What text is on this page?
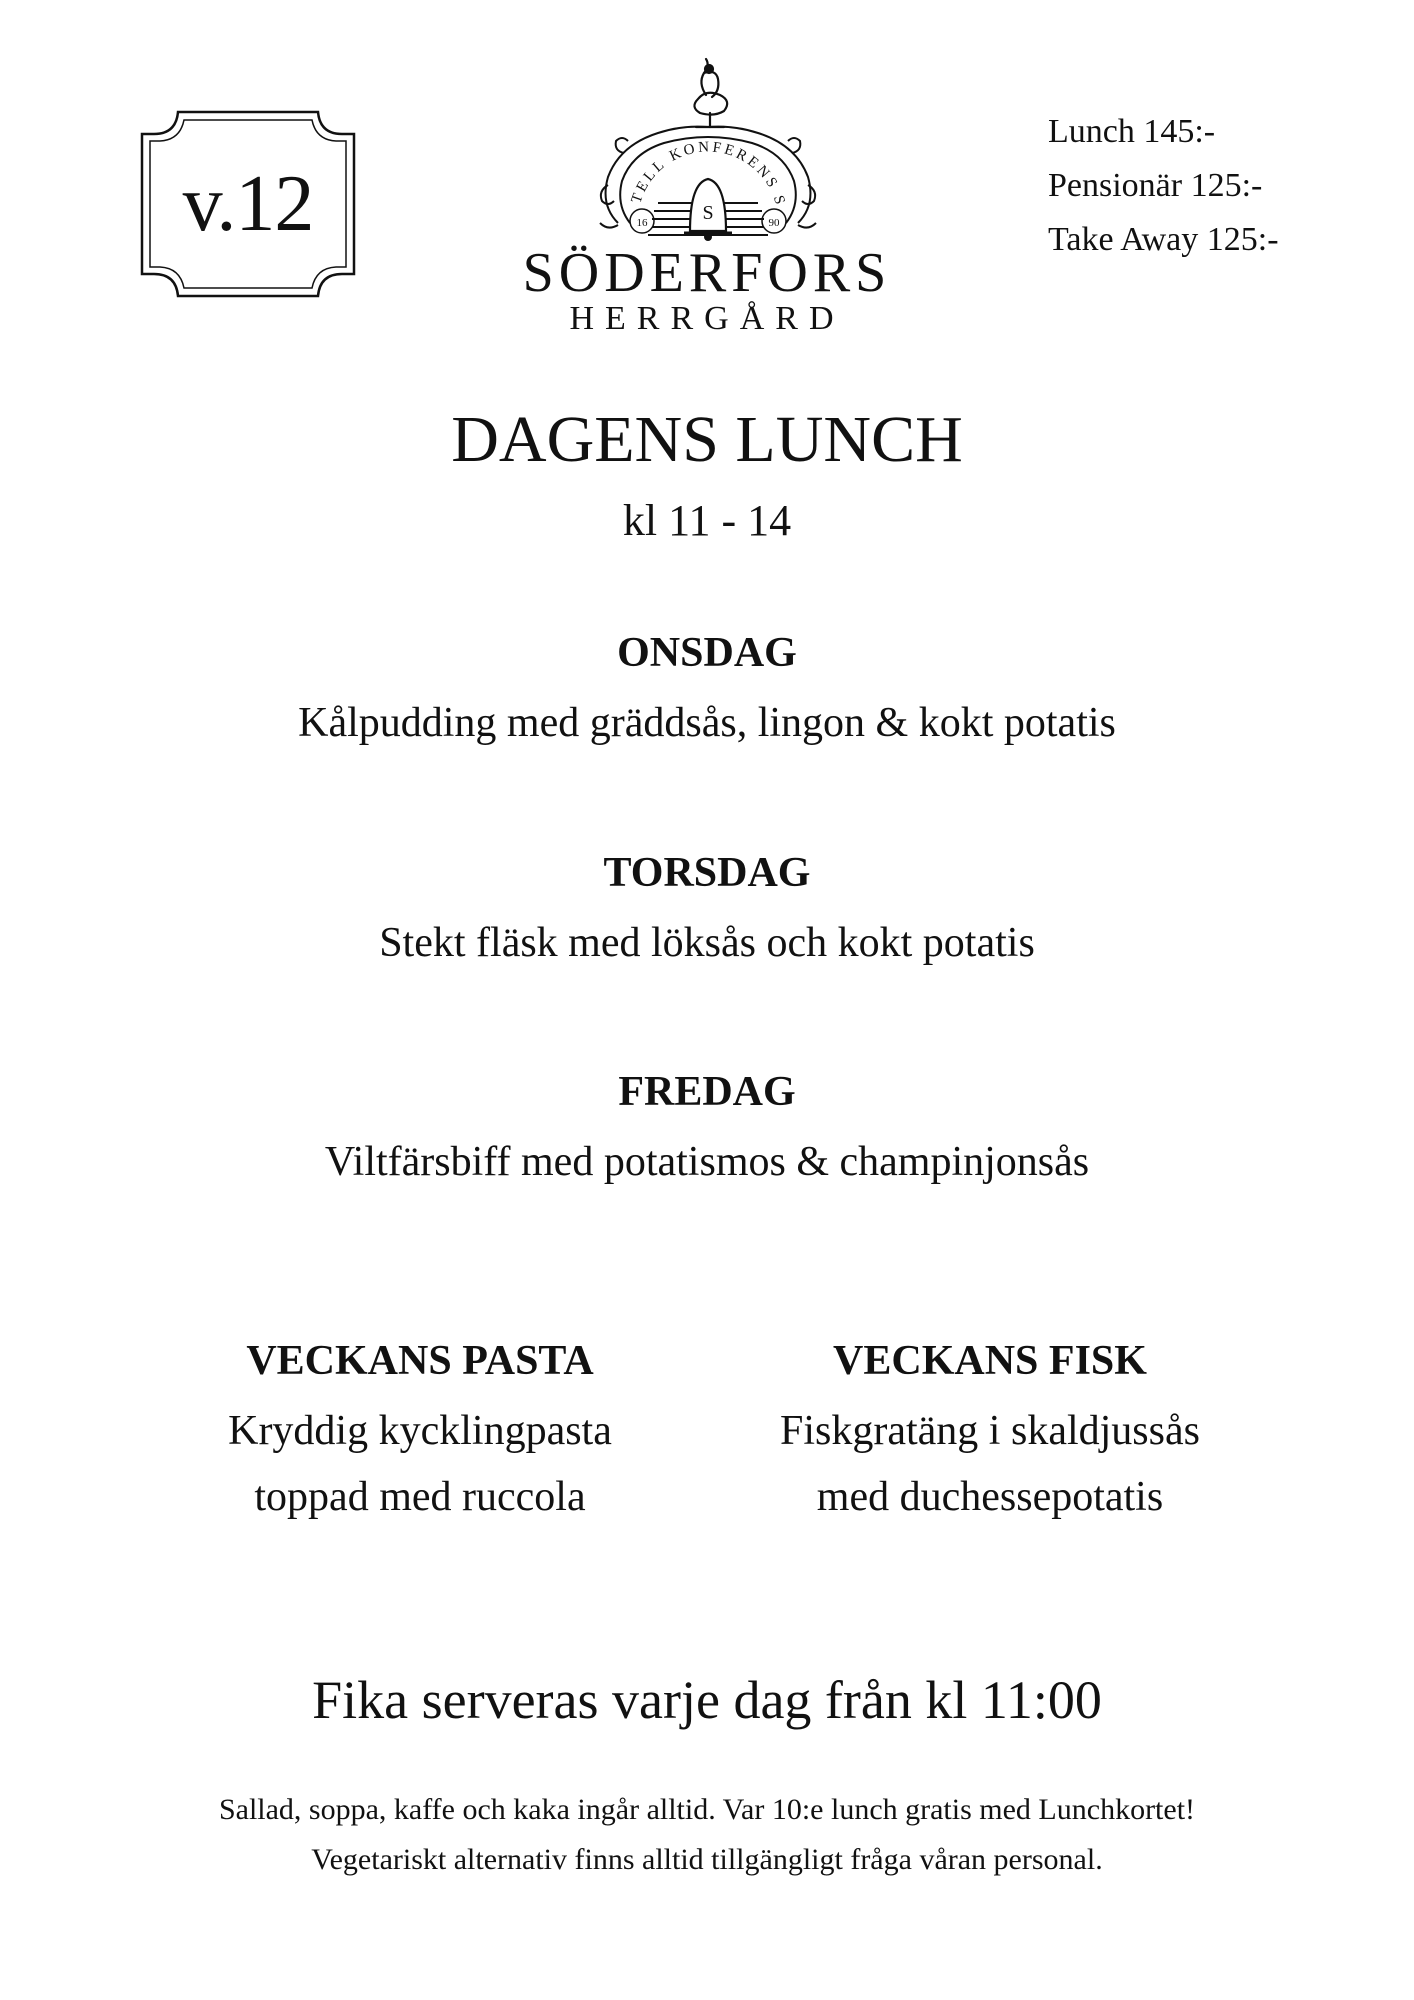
v.12	TELL KONFERENS S
S
16	90
SÖDERFORS
HERRGÅRD
Lunch 145:-
Pensionär 125:-
Take Away 125:-
DAGENS LUNCH
kl 11 - 14
ONSDAG
Kålpudding med gräddsås, lingon & kokt potatis
TORSDAG
Stekt fläsk med löksås och kokt potatis
FREDAG
Viltfärsbiff med potatismos & champinjonsås
VECKANS PASTA
Kryddig kycklingpasta
toppad med ruccola
VECKANS FISK
Fiskgratäng i skaldjussås
med duchessepotatis
Fika serveras varje dag från kl 11:00
Sallad, soppa, kaffe och kaka ingår alltid. Var 10:e lunch gratis med Lunchkortet!
Vegetariskt alternativ finns alltid tillgängligt fråga våran personal.
